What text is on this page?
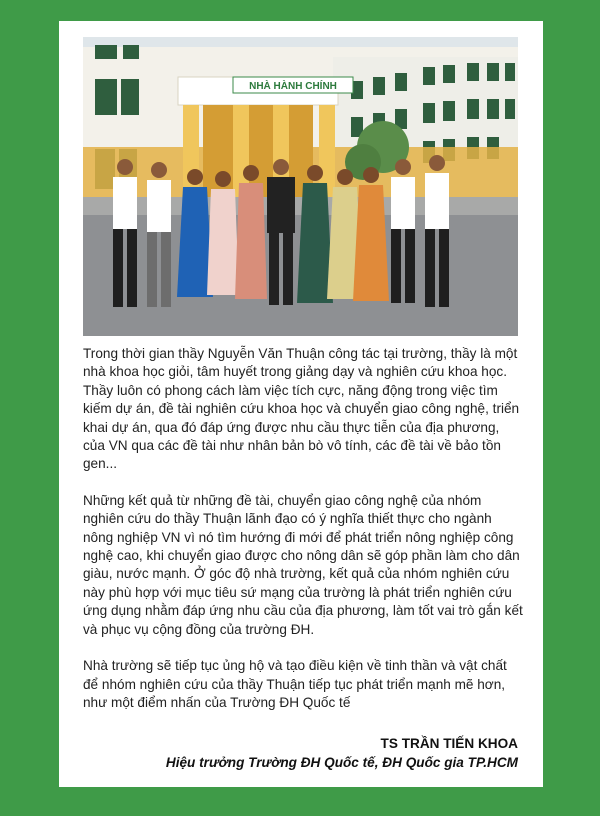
NHÀ HÀNH CHÍNH

Trong thời gian thầy Nguyễn Văn Thuận công tác tại trường, thầy là một nhà khoa học giỏi, tâm huyết trong giảng dạy và nghiên cứu khoa học. Thầy luôn có phong cách làm việc tích cực, năng động trong việc tìm kiếm dự án, đề tài nghiên cứu khoa học và chuyển giao công nghệ, triển khai dự án, qua đó đáp ứng được nhu cầu thực tiễn của địa phương, của VN qua các đề tài như nhân bản bò vô tính, các đề tài về bảo tồn gen...

Những kết quả từ những đề tài, chuyển giao công nghệ của nhóm nghiên cứu do thầy Thuận lãnh đạo có ý nghĩa thiết thực cho ngành nông nghiệp VN vì nó tìm hướng đi mới để phát triển nông nghiệp công nghệ cao, khi chuyển giao được cho nông dân sẽ góp phần làm cho dân giàu, nước mạnh. Ở góc độ nhà trường, kết quả của nhóm nghiên cứu này phù hợp với mục tiêu sứ mạng của trường là phát triển nghiên cứu ứng dụng nhằm đáp ứng nhu cầu của địa phương, làm tốt vai trò gắn kết và phục vụ cộng đồng của trường ĐH.

Nhà trường sẽ tiếp tục ủng hộ và tạo điều kiện về tinh thần và vật chất để nhóm nghiên cứu của thầy Thuận tiếp tục phát triển mạnh mẽ hơn, như một điểm nhấn của Trường ĐH Quốc tế

TS TRẦN TIẾN KHOA
Hiệu trưởng Trường ĐH Quốc tế, ĐH Quốc gia TP.HCM
